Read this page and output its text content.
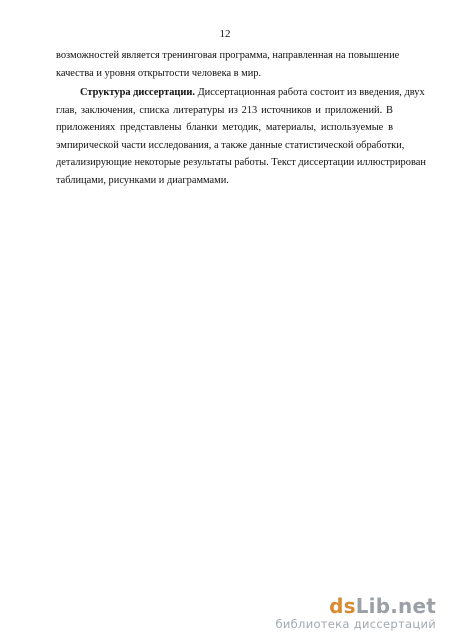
12
возможностей является тренинговая программа, направленная на повышение
качества и уровня открытости человека в мир.
Структура диссертации. Диссертационная работа состоит из введения, двух
глав, заключения, списка литературы из 213 источников и приложений. В
приложениях представлены бланки методик, материалы, используемые в
эмпирической части исследования, а также данные статистической обработки,
детализирующие некоторые результаты работы. Текст диссертации иллюстрирован
таблицами, рисунками и диаграммами.
dsLib.net
библиотека диссертаций
